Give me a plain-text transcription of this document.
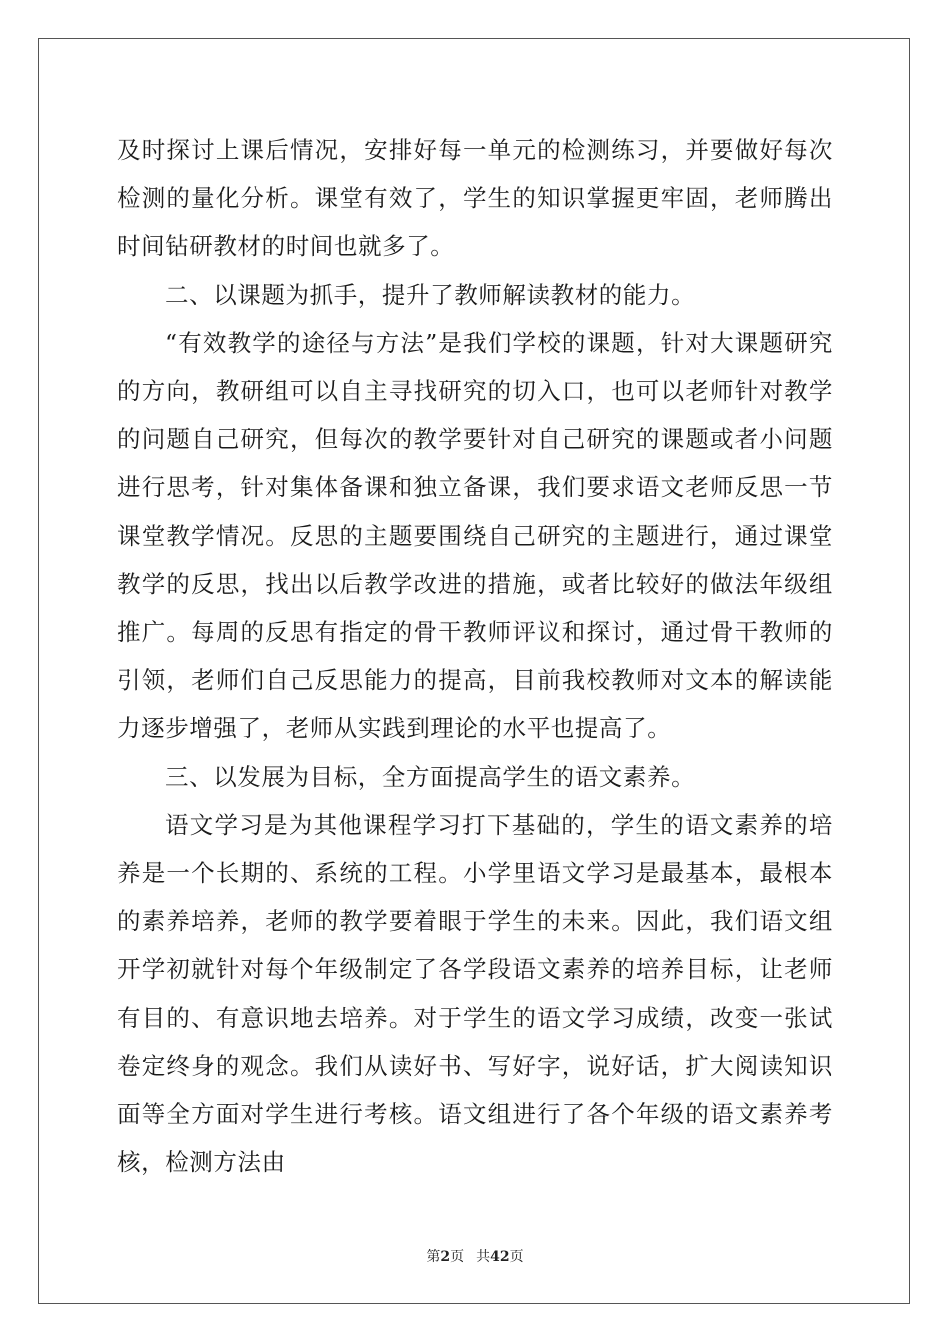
及时探讨上课后情况，安排好每一单元的检测练习，并要做好每次检测的量化分析。课堂有效了，学生的知识掌握更牢固，老师腾出时间钻研教材的时间也就多了。

二、以课题为抓手，提升了教师解读教材的能力。

“有效教学的途径与方法”是我们学校的课题，针对大课题研究的方向，教研组可以自主寻找研究的切入口，也可以老师针对教学的问题自己研究，但每次的教学要针对自己研究的课题或者小问题进行思考，针对集体备课和独立备课，我们要求语文老师反思一节课堂教学情况。反思的主题要围绕自己研究的主题进行，通过课堂教学的反思，找出以后教学改进的措施，或者比较好的做法年级组推广。每周的反思有指定的骨干教师评议和探讨，通过骨干教师的引领，老师们自己反思能力的提高，目前我校教师对文本的解读能力逐步增强了，老师从实践到理论的水平也提高了。

三、以发展为目标，全方面提高学生的语文素养。

语文学习是为其他课程学习打下基础的，学生的语文素养的培养是一个长期的、系统的工程。小学里语文学习是最基本，最根本的素养培养，老师的教学要着眼于学生的未来。因此，我们语文组开学初就针对每个年级制定了各学段语文素养的培养目标，让老师有目的、有意识地去培养。对于学生的语文学习成绩，改变一张试卷定终身的观念。我们从读好书、写好字，说好话，扩大阅读知识面等全方面对学生进行考核。语文组进行了各个年级的语文素养考核，检测方法由

第2页 共42页
